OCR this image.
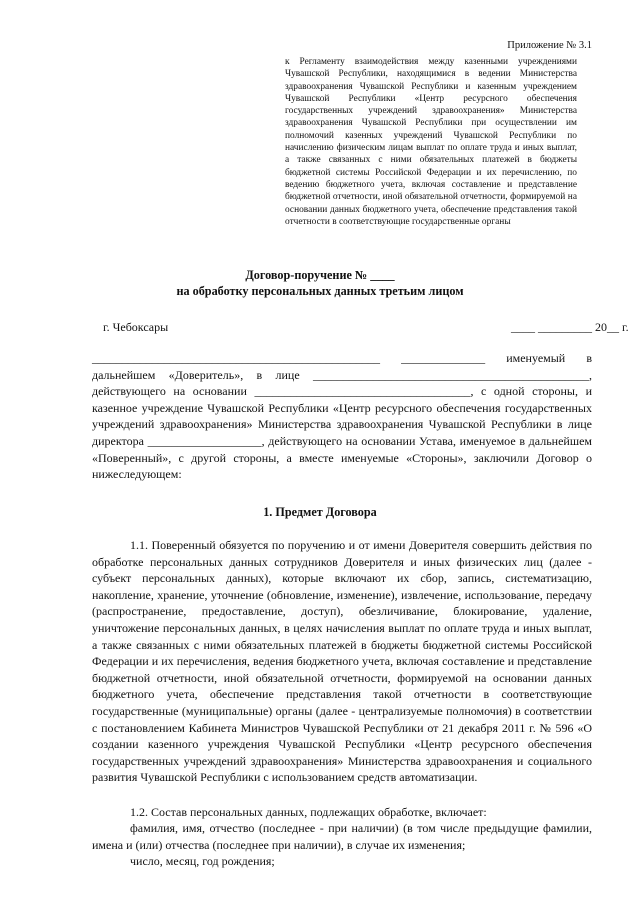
Приложение № 3.1
к Регламенту взаимодействия между казенными учреждениями Чувашской Республики, находящимися в ведении Министерства здравоохранения Чувашской Республики и казенным учреждением Чувашской Республики «Центр ресурсного обеспечения государственных учреждений здравоохранения» Министерства здравоохранения Чувашской Республики при осуществлении им полномочий казенных учреждений Чувашской Республики по начислению физическим лицам выплат по оплате труда и иных выплат, а также связанных с ними обязательных платежей в бюджеты бюджетной системы Российской Федерации и их перечислению, по ведению бюджетного учета, включая составление и представление бюджетной отчетности, иной обязательной отчетности, формируемой на основании данных бюджетного учета, обеспечение представления такой отчетности в соответствующие государственные органы
Договор-поручение № ____
на обработку персональных данных третьим лицом
г. Чебоксары	____ _________ 20__ г.

________________________________________________ ______________ именуемый в дальнейшем «Доверитель», в лице ______________________________________________, действующего на основании ____________________________________, с одной стороны, и казенное учреждение Чувашской Республики «Центр ресурсного обеспечения государственных учреждений здравоохранения» Министерства здравоохранения Чувашской Республики в лице директора ___________________, действующего на основании Устава, именуемое в дальнейшем «Поверенный», с другой стороны, а вместе именуемые «Стороны», заключили Договор о нижеследующем:

1. Предмет Договора

1.1. Поверенный обязуется по поручению и от имени Доверителя совершить действия по обработке персональных данных сотрудников Доверителя и иных физических лиц (далее - субъект персональных данных), которые включают их сбор, запись, систематизацию, накопление, хранение, уточнение (обновление, изменение), извлечение, использование, передачу (распространение, предоставление, доступ), обезличивание, блокирование, удаление, уничтожение персональных данных, в целях начисления выплат по оплате труда и иных выплат, а также связанных с ними обязательных платежей в бюджеты бюджетной системы Российской Федерации и их перечисления, ведения бюджетного учета, включая составление и представление бюджетной отчетности, иной обязательной отчетности, формируемой на основании данных бюджетного учета, обеспечение представления такой отчетности в соответствующие государственные (муниципальные) органы (далее - централизуемые полномочия) в соответствии с постановлением Кабинета Министров Чувашской Республики от 21 декабря 2011 г. № 596 «О создании казенного учреждения Чувашской Республики «Центр ресурсного обеспечения государственных учреждений здравоохранения» Министерства здравоохранения и социального развития Чувашской Республики с использованием средств автоматизации.

1.2. Состав персональных данных, подлежащих обработке, включает:

фамилия, имя, отчество (последнее - при наличии) (в том числе предыдущие фамилии, имена и (или) отчества (последнее при наличии), в случае их изменения;

число, месяц, год рождения;
